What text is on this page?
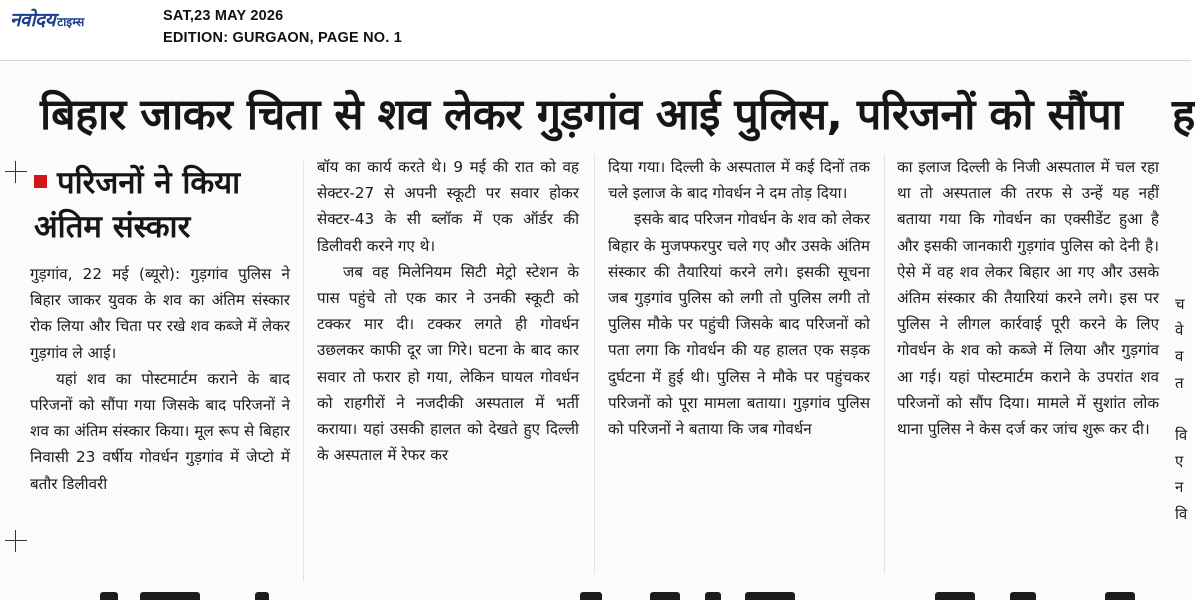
नवोदय टाइम्स	SAT,23 MAY 2026
EDITION: GURGAON, PAGE NO. 1
बिहार जाकर चिता से शव लेकर गुड़गांव आई पुलिस, परिजनों को सौंपा	ह
परिजनों ने किया अंतिम संस्कार

गुड़गांव, 22 मई (ब्यूरो): गुड़गांव पुलिस ने बिहार जाकर युवक के शव का अंतिम संस्कार रोक लिया और चिता पर रखे शव कब्जे में लेकर गुड़गांव ले आई।

यहां शव का पोस्टमार्टम कराने के बाद परिजनों को सौंपा गया जिसके बाद परिजनों ने शव का अंतिम संस्कार किया। मूल रूप से बिहार निवासी 23 वर्षीय गोवर्धन गुड़गांव में जेप्टो में बतौर डिलीवरी

बॉय का कार्य करते थे। 9 मई की रात को वह सेक्टर-27 से अपनी स्कूटी पर सवार होकर सेक्टर-43 के सी ब्लॉक में एक ऑर्डर की डिलीवरी करने गए थे।

जब वह मिलेनियम सिटी मेट्रो स्टेशन के पास पहुंचे तो एक कार ने उनकी स्कूटी को टक्कर मार दी। टक्कर लगते ही गोवर्धन उछलकर काफी दूर जा गिरे। घटना के बाद कार सवार तो फरार हो गया, लेकिन घायल गोवर्धन को राहगीरों ने नजदीकी अस्पताल में भर्ती कराया। यहां उसकी हालत को देखते हुए दिल्ली के अस्पताल में रेफर कर

दिया गया। दिल्ली के अस्पताल में कई दिनों तक चले इलाज के बाद गोवर्धन ने दम तोड़ दिया।

इसके बाद परिजन गोवर्धन के शव को लेकर बिहार के मुजफ्फरपुर चले गए और उसके अंतिम संस्कार की तैयारियां करने लगे। इसकी सूचना जब गुड़गांव पुलिस को लगी तो पुलिस लगी तो पुलिस मौके पर पहुंची जिसके बाद परिजनों को पता लगा कि गोवर्धन की यह हालत एक सड़क दुर्घटना में हुई थी। पुलिस ने मौके पर पहुंचकर परिजनों को पूरा मामला बताया। गुड़गांव पुलिस को परिजनों ने बताया कि जब गोवर्धन

का इलाज दिल्ली के निजी अस्पताल में चल रहा था तो अस्पताल की तरफ से उन्हें यह नहीं बताया गया कि गोवर्धन का एक्सीडेंट हुआ है और इसकी जानकारी गुड़गांव पुलिस को देनी है। ऐसे में वह शव लेकर बिहार आ गए और उसके अंतिम संस्कार की तैयारियां करने लगे। इस पर पुलिस ने लीगल कार्रवाई पूरी करने के लिए गोवर्धन के शव को कब्जे में लिया और गुड़गांव आ गई। यहां पोस्टमार्टम कराने के उपरांत शव परिजनों को सौंप दिया। मामले में सुशांत लोक थाना पुलिस ने केस दर्ज कर जांच शुरू कर दी।

च
वे
व
त

वि
ए
न
वि
